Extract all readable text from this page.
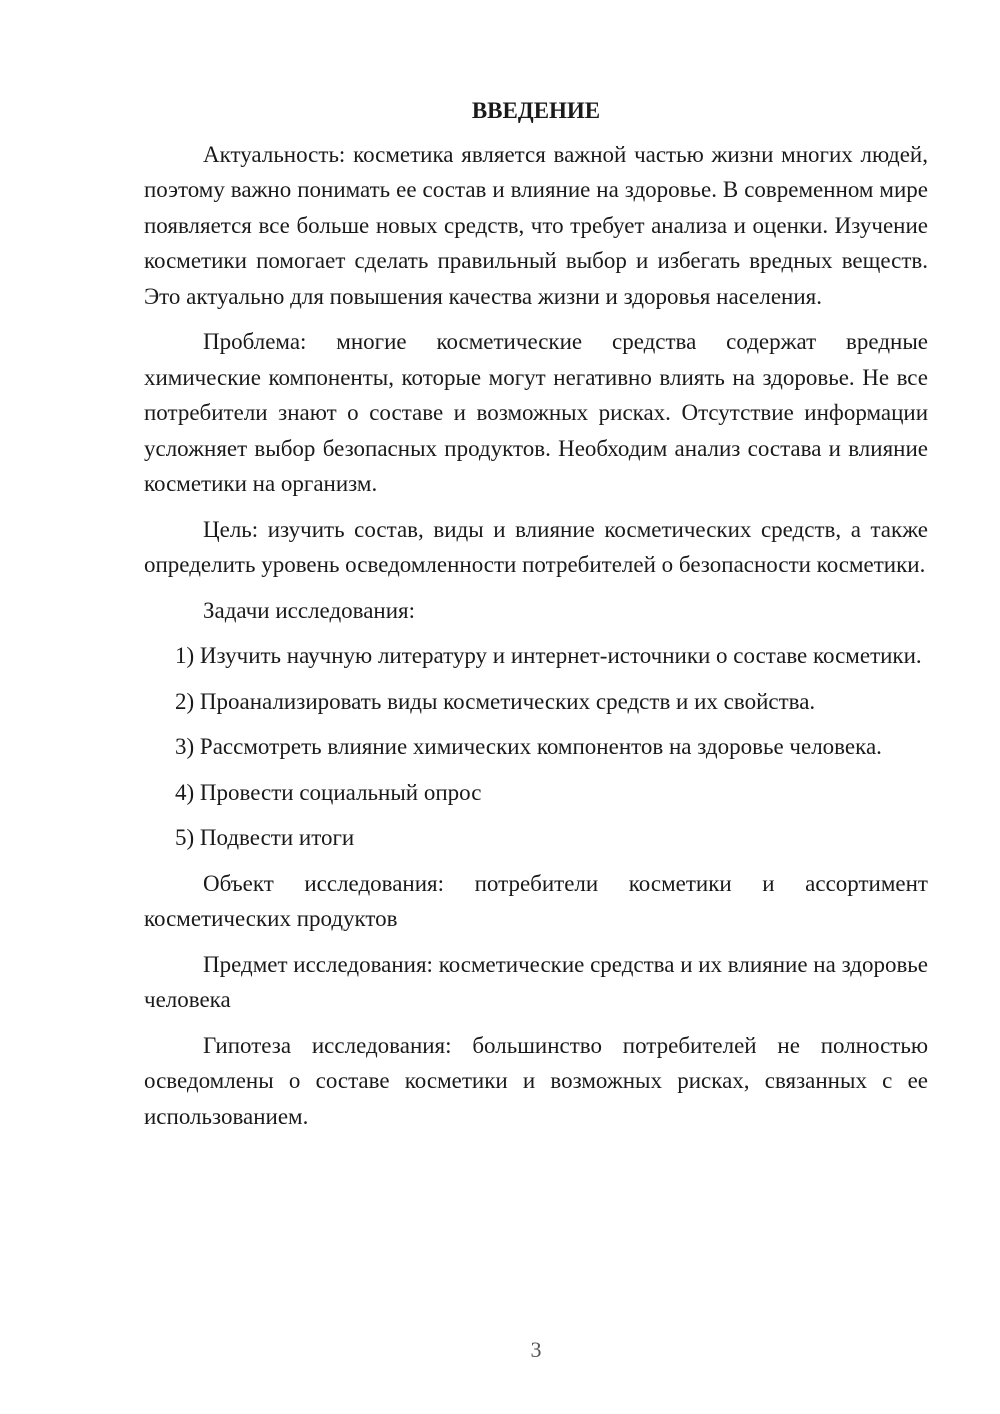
ВВЕДЕНИЕ

Актуальность: косметика является важной частью жизни многих людей, поэтому важно понимать ее состав и влияние на здоровье. В современном мире появляется все больше новых средств, что требует анализа и оценки. Изучение косметики помогает сделать правильный выбор и избегать вредных веществ. Это актуально для повышения качества жизни и здоровья населения.

Проблема: многие косметические средства содержат вредные химические компоненты, которые могут негативно влиять на здоровье. Не все потребители знают о составе и возможных рисках. Отсутствие информации усложняет выбор безопасных продуктов. Необходим анализ состава и влияние косметики на организм.

Цель: изучить состав, виды и влияние косметических средств, а также определить уровень осведомленности потребителей о безопасности косметики.

Задачи исследования:

1) Изучить научную литературу и интернет-источники о составе косметики.

2) Проанализировать виды косметических средств и их свойства.

3) Рассмотреть влияние химических компонентов на здоровье человека.

4) Провести социальный опрос

5) Подвести итоги

Объект исследования: потребители косметики и ассортимент косметических продуктов

Предмет исследования: косметические средства и их влияние на здоровье человека

Гипотеза исследования: большинство потребителей не полностью осведомлены о составе косметики и возможных рисках, связанных с ее использованием.

3
